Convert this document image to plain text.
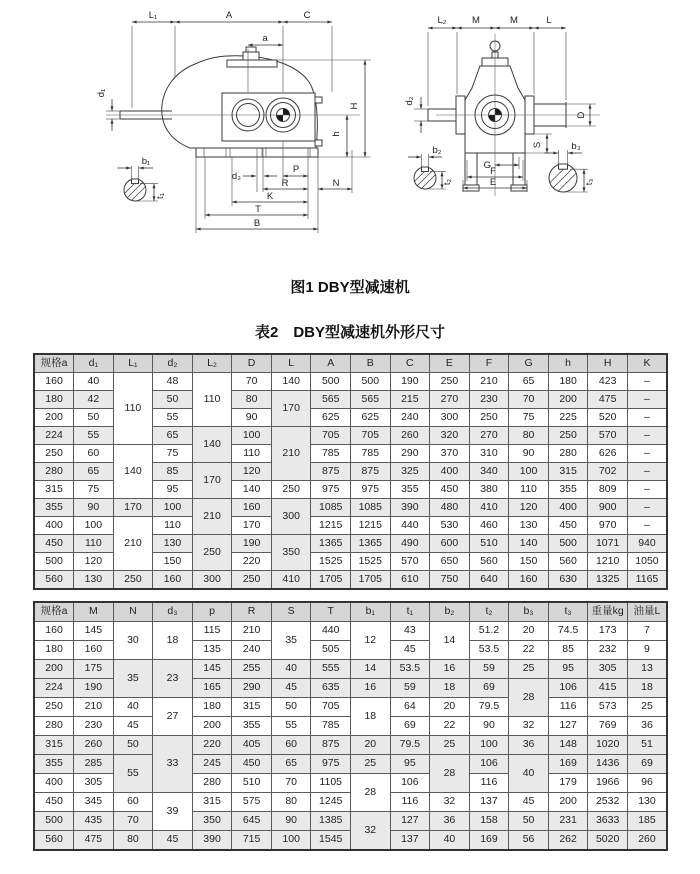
L₁	A	C
a
d₁
H
h
b₁
t₁
d₃
P
R	N
K
T
B
L₂	M	M	L
d₂
D
S
G
F
E
b₂
t₂
b₃
t₃
图1 DBY型减速机
表2　DBY型减速机外形尺寸
规格a	d₁	L₁	d₂	L₂	D	L	A	B	C	E	F	G	h	H	K
160	40	110	48	110	70	140	500	500	190	250	210	65	180	423	–
180	42		50		80	170	565	565	215	270	230	70	200	475	–
200	50		55		90		625	625	240	300	250	75	225	520	–
224	55		65	140	100	210	705	705	260	320	270	80	250	570	–
250	60	140	75		110		785	785	290	370	310	90	280	626	–
280	65		85	170	120		875	875	325	400	340	100	315	702	–
315	75		95		140	250	975	975	355	450	380	110	355	809	–
355	90	170	100	210	160	300	1085	1085	390	480	410	120	400	900	–
400	100	210	110		170		1215	1215	440	530	460	130	450	970	–
450	110		130	250	190	350	1365	1365	490	600	510	140	500	1071	940
500	120		150		220		1525	1525	570	650	560	150	560	1210	1050
560	130	250	160	300	250	410	1705	1705	610	750	640	160	630	1325	1165
规格a	M	N	d₃	p	R	S	T	b₁	t₁	b₂	t₂	b₃	t₃	重量kg	油量L
160	145	30	18	115	210	35	440	12	43	14	51.2	20	74.5	173	7
180	160			135	240		505		45		53.5	22	85	232	9
200	175	35	23	145	255	40	555	14	53.5	16	59	25	95	305	13
224	190			165	290	45	635	16	59	18	69	28	106	415	18
250	210	40	27	180	315	50	705	18	64	20	79.5		116	573	25
280	230	45		200	355	55	785		69	22	90	32	127	769	36
315	260	50	33	220	405	60	875	20	79.5	25	100	36	148	1020	51
355	285	55		245	450	65	975	25	95	28	106	40	169	1436	69
400	305			280	510	70	1105	28	106		116		179	1966	96
450	345	60	39	315	575	80	1245		116	32	137	45	200	2532	130
500	435	70		350	645	90	1385	32	127	36	158	50	231	3633	185
560	475	80	45	390	715	100	1545		137	40	169	56	262	5020	260
